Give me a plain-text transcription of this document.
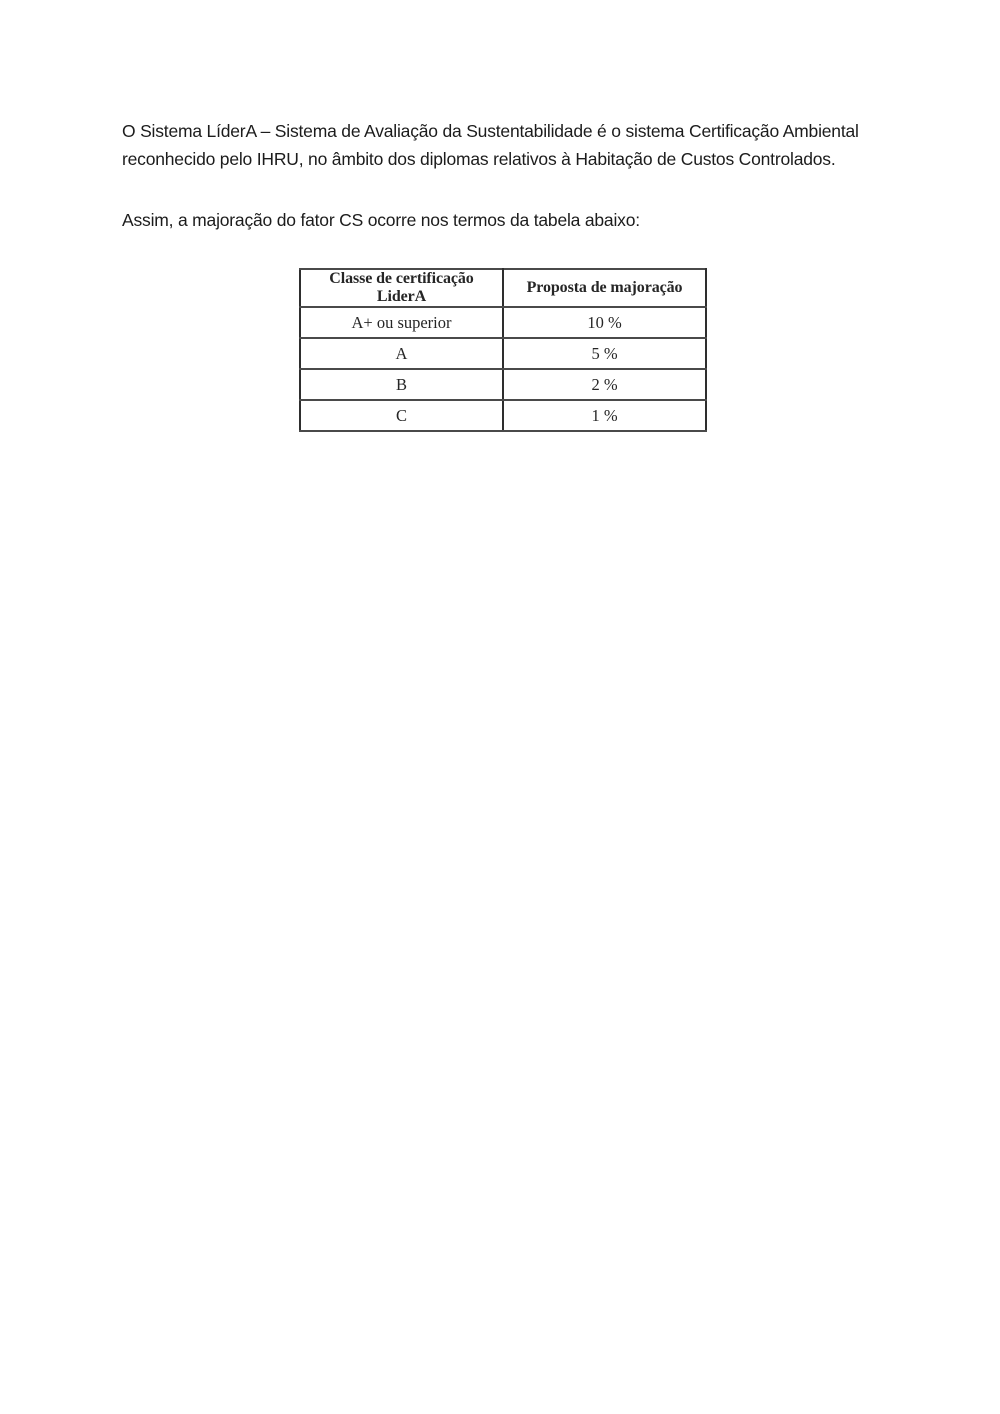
O Sistema LíderA – Sistema de Avaliação da Sustentabilidade é o sistema Certificação Ambiental
reconhecido pelo IHRU, no âmbito dos diplomas relativos à Habitação de Custos Controlados.

Assim, a majoração do fator CS ocorre nos termos da tabela abaixo:

Classe de certificação LiderA	Proposta de majoração
A+ ou superior	10 %
A	5 %
B	2 %
C	1 %
